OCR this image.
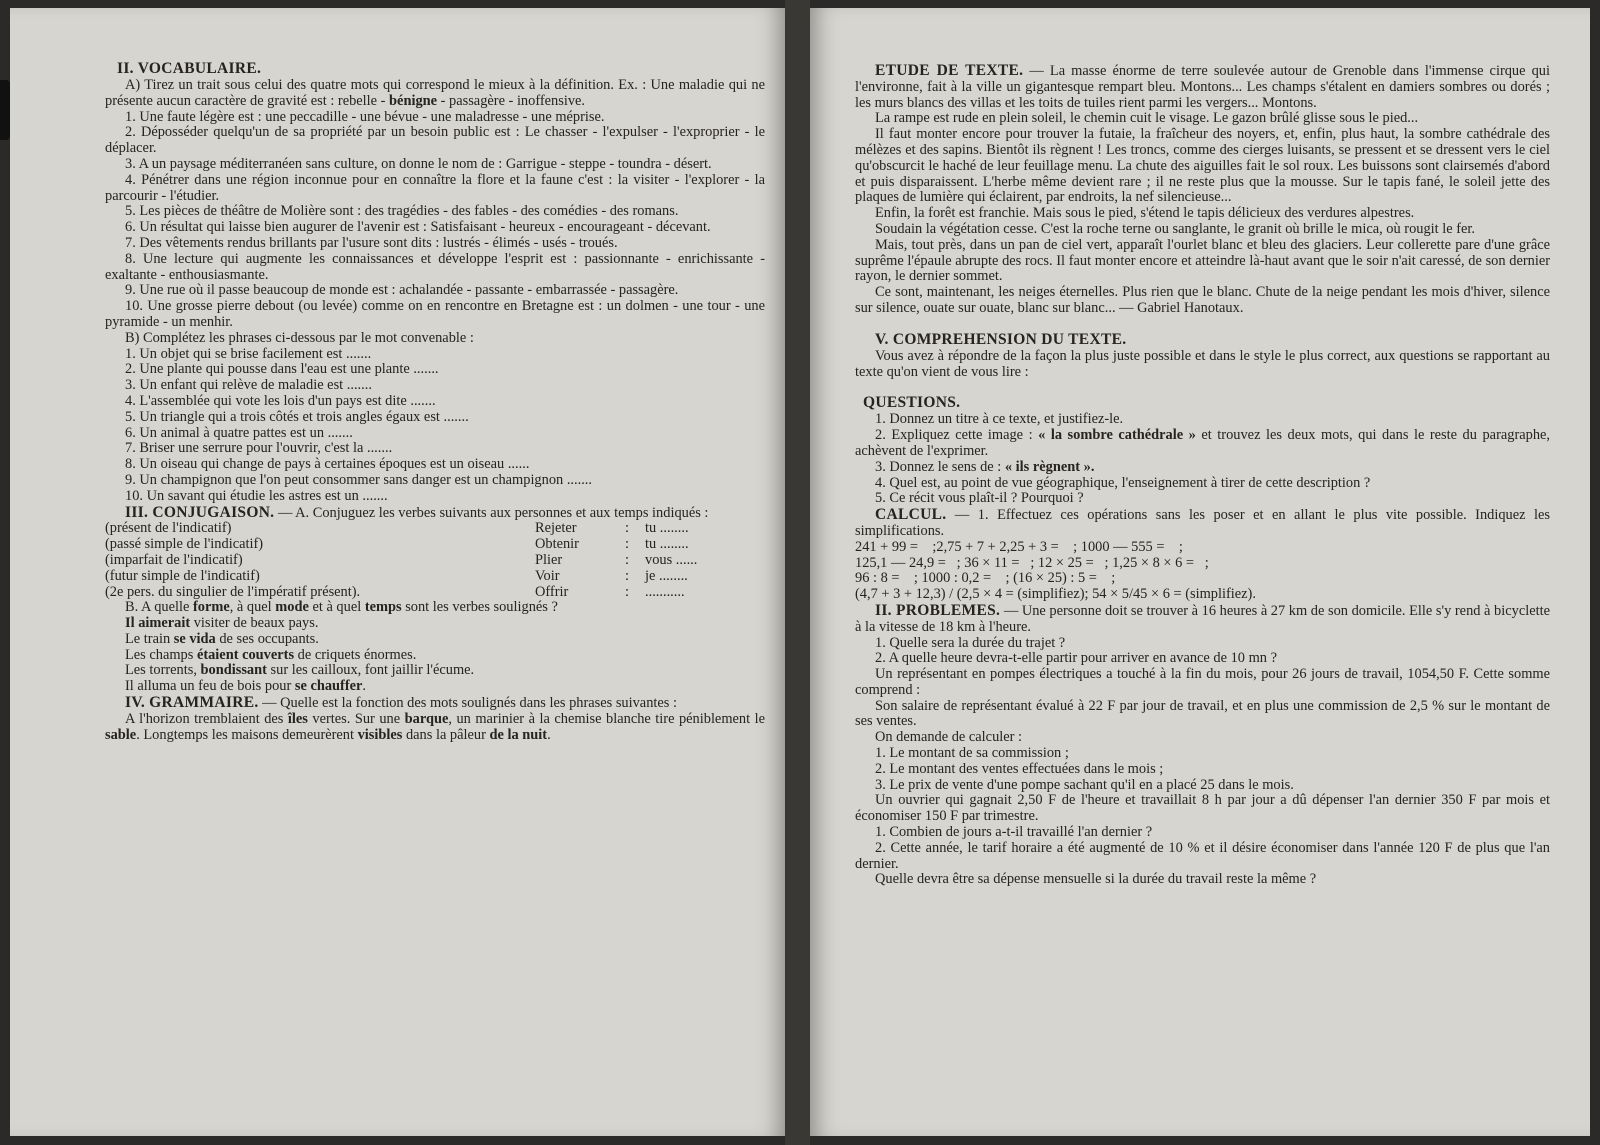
II. VOCABULAIRE.
A) Tirez un trait sous celui des quatre mots qui correspond le mieux à la définition. Ex. : Une maladie qui ne présente aucun caractère de gravité est : rebelle - bénigne - passagère - inoffensive.
1. Une faute légère est : une peccadille - une bévue - une maladresse - une méprise.
2. Déposséder quelqu'un de sa propriété par un besoin public est : Le chasser - l'expulser - l'exproprier - le déplacer.
3. A un paysage méditerranéen sans culture, on donne le nom de : Garrigue - steppe - toundra - désert.
4. Pénétrer dans une région inconnue pour en connaître la flore et la faune c'est : la visiter - l'explorer - la parcourir - l'étudier.
5. Les pièces de théâtre de Molière sont : des tragédies - des fables - des comédies - des romans.
6. Un résultat qui laisse bien augurer de l'avenir est : Satisfaisant - heureux - encourageant - décevant.
7. Des vêtements rendus brillants par l'usure sont dits : lustrés - élimés - usés - troués.
8. Une lecture qui augmente les connaissances et développe l'esprit est : passionnante - enrichissante - exaltante - enthousiasmante.
9. Une rue où il passe beaucoup de monde est : achalandée - passante - embarrassée - passagère.
10. Une grosse pierre debout (ou levée) comme on en rencontre en Bretagne est : un dolmen - une tour - une pyramide - un menhir.
B) Complétez les phrases ci-dessous par le mot convenable :
1. Un objet qui se brise facilement est .......
2. Une plante qui pousse dans l'eau est une plante .......
3. Un enfant qui relève de maladie est .......
4. L'assemblée qui vote les lois d'un pays est dite .......
5. Un triangle qui a trois côtés et trois angles égaux est .......
6. Un animal à quatre pattes est un .......
7. Briser une serrure pour l'ouvrir, c'est la .......
8. Un oiseau qui change de pays à certaines époques est un oiseau ......
9. Un champignon que l'on peut consommer sans danger est un champignon .......
10. Un savant qui étudie les astres est un .......
III. CONJUGAISON. — A. Conjuguez les verbes suivants aux personnes et aux temps indiqués :
(présent de l'indicatif)	Rejeter	:	tu ........
(passé simple de l'indicatif)	Obtenir	:	tu ........
(imparfait de l'indicatif)	Plier	:	vous ......
(futur simple de l'indicatif)	Voir	:	je ........
(2e pers. du singulier de l'impératif présent).	Offrir	:	...........
B. A quelle forme, à quel mode et à quel temps sont les verbes soulignés ?
Il aimerait visiter de beaux pays.
Le train se vida de ses occupants.
Les champs étaient couverts de criquets énormes.
Les torrents, bondissant sur les cailloux, font jaillir l'écume.
Il alluma un feu de bois pour se chauffer.
IV. GRAMMAIRE. — Quelle est la fonction des mots soulignés dans les phrases suivantes :
A l'horizon tremblaient des îles vertes. Sur une barque, un marinier à la chemise blanche tire péniblement le sable. Longtemps les maisons demeurèrent visibles dans la pâleur de la nuit.
ETUDE DE TEXTE. — La masse énorme de terre soulevée autour de Grenoble dans l'immense cirque qui l'environne, fait à la ville un gigantesque rempart bleu. Montons... Les champs s'étalent en damiers sombres ou dorés ; les murs blancs des villas et les toits de tuiles rient parmi les vergers... Montons.
La rampe est rude en plein soleil, le chemin cuit le visage. Le gazon brûlé glisse sous le pied...
Il faut monter encore pour trouver la futaie, la fraîcheur des noyers, et, enfin, plus haut, la sombre cathédrale des mélèzes et des sapins. Bientôt ils règnent ! Les troncs, comme des cierges luisants, se pressent et se dressent vers le ciel qu'obscurcit le haché de leur feuillage menu. La chute des aiguilles fait le sol roux. Les buissons sont clairsemés d'abord et puis disparaissent. L'herbe même devient rare ; il ne reste plus que la mousse. Sur le tapis fané, le soleil jette des plaques de lumière qui éclairent, par endroits, la nef silencieuse...
Enfin, la forêt est franchie. Mais sous le pied, s'étend le tapis délicieux des verdures alpestres.
Soudain la végétation cesse. C'est la roche terne ou sanglante, le granit où brille le mica, où rougit le fer.
Mais, tout près, dans un pan de ciel vert, apparaît l'ourlet blanc et bleu des glaciers. Leur collerette pare d'une grâce suprême l'épaule abrupte des rocs. Il faut monter encore et atteindre là-haut avant que le soir n'ait caressé, de son dernier rayon, le dernier sommet.
Ce sont, maintenant, les neiges éternelles. Plus rien que le blanc. Chute de la neige pendant les mois d'hiver, silence sur silence, ouate sur ouate, blanc sur blanc... — Gabriel Hanotaux.
V. COMPREHENSION DU TEXTE.
Vous avez à répondre de la façon la plus juste possible et dans le style le plus correct, aux questions se rapportant au texte qu'on vient de vous lire :
QUESTIONS.
1. Donnez un titre à ce texte, et justifiez-le.
2. Expliquez cette image : « la sombre cathédrale » et trouvez les deux mots, qui dans le reste du paragraphe, achèvent de l'exprimer.
3. Donnez le sens de : « ils règnent ».
4. Quel est, au point de vue géographique, l'enseignement à tirer de cette description ?
5. Ce récit vous plaît-il ? Pourquoi ?
CALCUL. — 1. Effectuez ces opérations sans les poser et en allant le plus vite possible. Indiquez les simplifications.
241 + 99 =    ;2,75 + 7 + 2,25 + 3 =    ; 1000 — 555 =    ;
125,1 — 24,9 =   ; 36 × 11 =   ; 12 × 25 =   ; 1,25 × 8 × 6 =   ;
96 : 8 =    ; 1000 : 0,2 =    ; (16 × 25) : 5 =    ;
(4,7 + 3 + 12,3) / (2,5 × 4 = (simplifiez); 54 × 5/45 × 6 = (simplifiez).
II. PROBLEMES. — Une personne doit se trouver à 16 heures à 27 km de son domicile. Elle s'y rend à bicyclette à la vitesse de 18 km à l'heure.
1. Quelle sera la durée du trajet ?
2. A quelle heure devra-t-elle partir pour arriver en avance de 10 mn ?
Un représentant en pompes électriques a touché à la fin du mois, pour 26 jours de travail, 1054,50 F. Cette somme comprend :
Son salaire de représentant évalué à 22 F par jour de travail, et en plus une commission de 2,5 % sur le montant de ses ventes.
On demande de calculer :
1. Le montant de sa commission ;
2. Le montant des ventes effectuées dans le mois ;
3. Le prix de vente d'une pompe sachant qu'il en a placé 25 dans le mois.
Un ouvrier qui gagnait 2,50 F de l'heure et travaillait 8 h par jour a dû dépenser l'an dernier 350 F par mois et économiser 150 F par trimestre.
1. Combien de jours a-t-il travaillé l'an dernier ?
2. Cette année, le tarif horaire a été augmenté de 10 % et il désire économiser dans l'année 120 F de plus que l'an dernier.
Quelle devra être sa dépense mensuelle si la durée du travail reste la même ?
